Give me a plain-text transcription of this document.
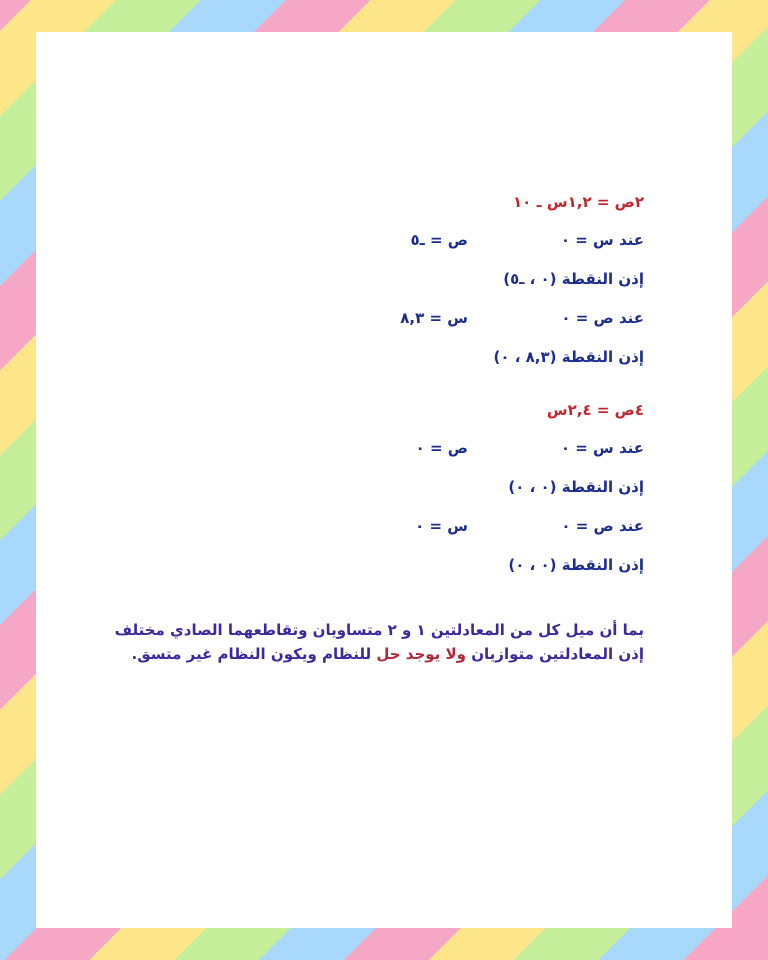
٢ص = ١,٢س ـ ١٠
عند س = ٠
ص = ـ٥
إذن النقطة (٠ ، ـ٥)
عند ص = ٠
س = ٨,٣
إذن النقطة (٨,٣ ، ٠)
٤ص = ٢,٤س
عند س = ٠
ص = ٠
إذن النقطة (٠ ، ٠)
عند ص = ٠
س = ٠
إذن النقطة (٠ ، ٠)
بما أن ميل كل من المعادلتين ١ و ٢ متساويان وتقاطعهما الصادي مختلف
إذن المعادلتين متوازيان ولا يوجد حل للنظام ويكون النظام غير متسق.
